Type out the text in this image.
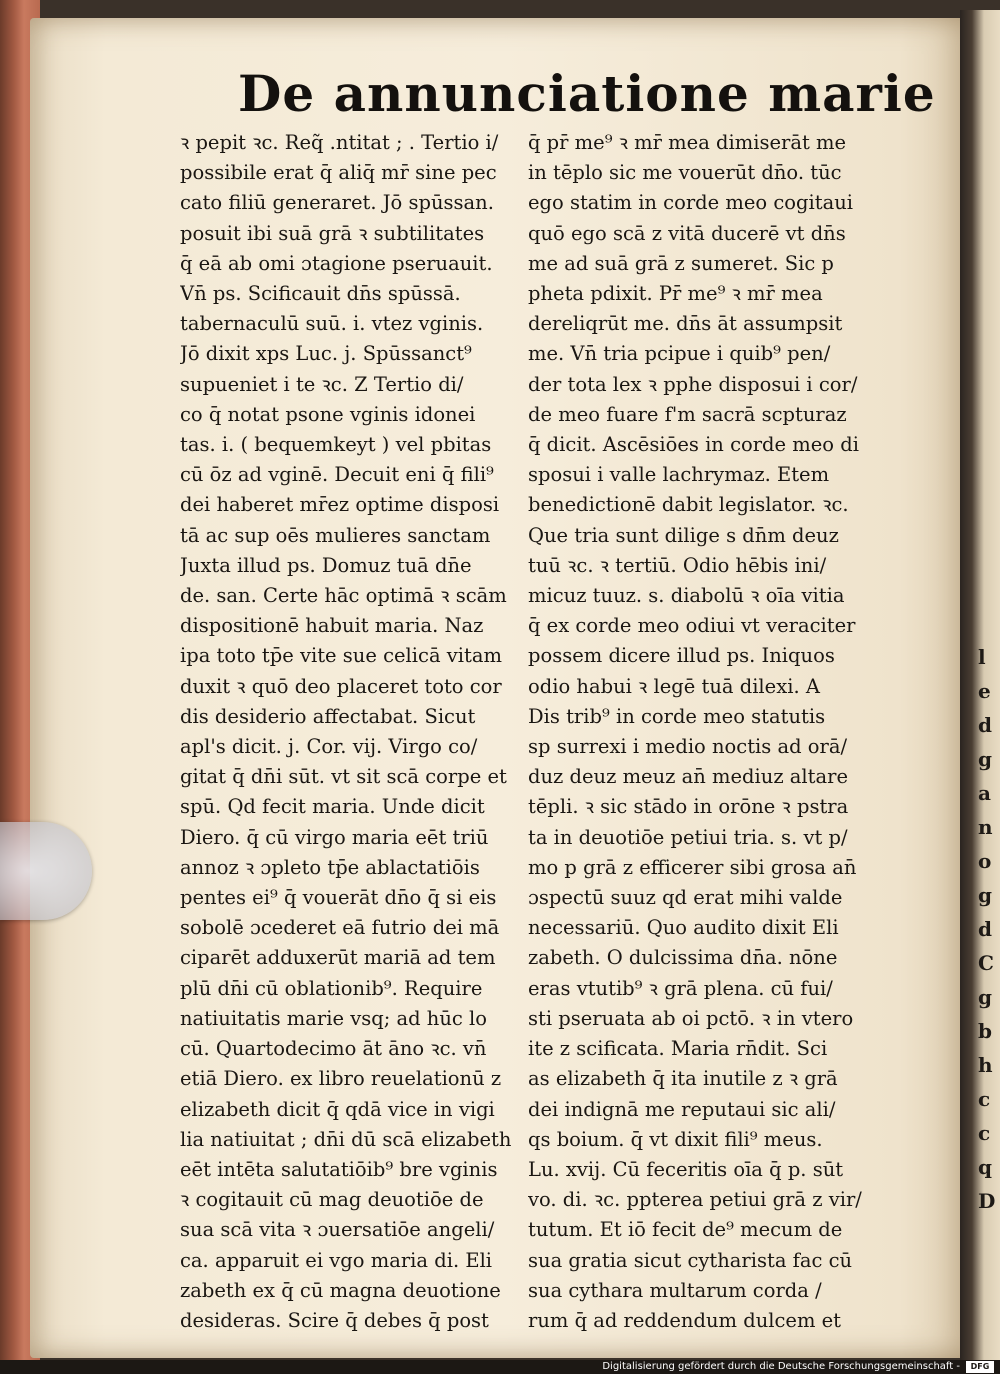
l
e
d
g
a
n
o
g
d
C
g
b
h
c
c
q
D
De annunciatione marie
ꝛ pepit ꝛc. Req̃ .ntitat ; . Tertio i/
possibile erat q̄ aliq̄ mr̄ sine pec
cato filiū generaret. Jō spūssan.
posuit ibi suā grā ꝛ subtilitates
q̄ eā ab omi ɔtagione pseruauit.
Vn̄ ps. Scificauit dn̄s spūssā.
tabernaculū suū. i. vtez vginis.
Jō dixit xps Luc. j. Spūssanct⁹
supueniet i te ꝛc. Z Tertio di/
co q̄ notat psone vginis idonei
tas. i. ( bequemkeyt ) vel pbitas
cū ōz ad vginē. Decuit eni q̄ fili⁹
dei haberet mr̄ez optime disposi
tā ac sup oēs mulieres sanctam
Juxta illud ps. Domuz tuā dn̄e
de. san. Certe hāc optimā ꝛ scām
dispositionē habuit maria. Naz
ipa toto tp̄e vite sue celicā vitam
duxit ꝛ quō deo placeret toto cor
dis desiderio affectabat. Sicut
apl's dicit. j. Cor. vij. Virgo co/
gitat q̄ dn̄i sūt. vt sit scā corpe et
spū. Qd fecit maria. Unde dicit
Diero. q̄ cū virgo maria eēt triū
annoz ꝛ ɔpleto tp̄e ablactatiōis
pentes ei⁹ q̄ vouerāt dn̄o q̄ si eis
sobolē ɔcederet eā futrio dei mā
ciparēt adduxerūt mariā ad tem
plū dn̄i cū oblationib⁹. Require
natiuitatis marie vsq; ad hūc lo
cū. Quartodecimo āt āno ꝛc. vn̄
etiā Diero. ex libro reuelationū z
elizabeth dicit q̄ qdā vice in vigi
lia natiuitat ; dn̄i dū scā elizabeth
eēt intēta salutatiōib⁹ bre vginis
ꝛ cogitauit cū mag deuotiōe de
sua scā vita ꝛ ɔuersatiōe angeli/
ca. apparuit ei vgo maria di. Eli
zabeth ex q̄ cū magna deuotione
desideras. Scire q̄ debes q̄ post
q̄ pr̄ me⁹ ꝛ mr̄ mea dimiserāt me
in tēplo sic me vouerūt dn̄o. tūc
ego statim in corde meo cogitaui
quō ego scā z vitā ducerē vt dn̄s
me ad suā grā z sumeret. Sic p
pheta pdixit. Pr̄ me⁹ ꝛ mr̄ mea
dereliqrūt me. dn̄s āt assumpsit
me. Vn̄ tria pcipue i quib⁹ pen/
der tota lex ꝛ pphe disposui i cor/
de meo fuare f'm sacrā scpturaz
q̄ dicit. Ascēsiōes in corde meo di
sposui i valle lachrymaz. Etem
benedictionē dabit legislator. ꝛc.
Que tria sunt dilige s dn̄m deuz
tuū ꝛc. ꝛ tertiū. Odio hēbis ini/
micuz tuuz. s. diabolū ꝛ oīa vitia
q̄ ex corde meo odiui vt veraciter
possem dicere illud ps. Iniquos
odio habui ꝛ legē tuā dilexi. A
Dis trib⁹ in corde meo statutis
sp surrexi i medio noctis ad orā/
duz deuz meuz an̄ mediuz altare
tēpli. ꝛ sic stādo in orōne ꝛ pstra
ta in deuotiōe petiui tria. s. vt p/
mo p grā z efficerer sibi grosa an̄
ɔspectū suuz qd erat mihi valde
necessariū. Quo audito dixit Eli
zabeth. O dulcissima dn̄a. nōne
eras vtutib⁹ ꝛ grā plena. cū fui/
sti pseruata ab oi pctō. ꝛ in vtero
ite z scificata. Maria rn̄dit. Sci
as elizabeth q̄ ita inutile z ꝛ grā
dei indignā me reputaui sic ali/
qs boium. q̄ vt dixit fili⁹ meus.
Lu. xvij. Cū feceritis oīa q̄ p. sūt
vo. di. ꝛc. ppterea petiui grā z vir/
tutum. Et iō fecit de⁹ mecum de
sua gratia sicut cytharista fac cū
sua cythara multarum corda /
rum q̄ ad reddendum dulcem et
Digitalisierung gefördert durch die Deutsche Forschungsgemeinschaft -	DFG
